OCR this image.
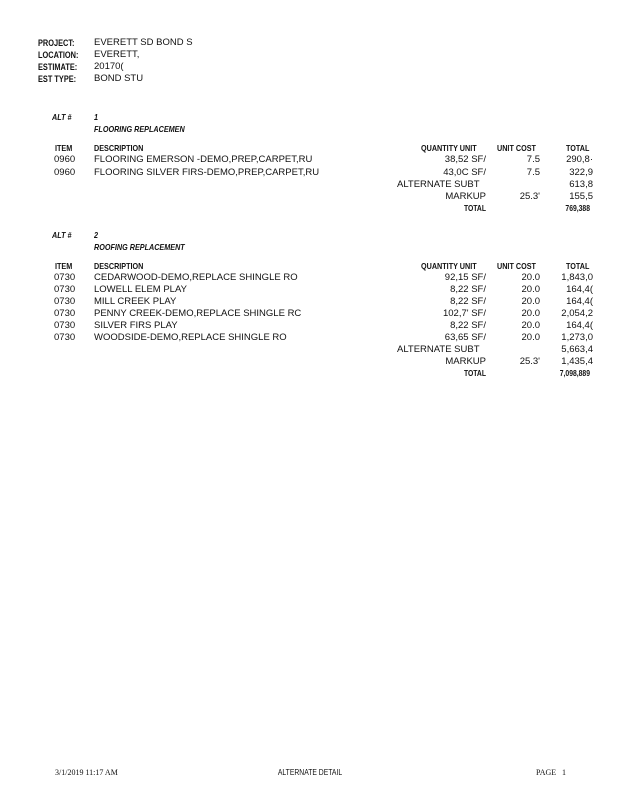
PROJECT:	EVERETT SD BOND S
LOCATION:	EVERETT,
ESTIMATE:	20170(
EST TYPE:	BOND STU
ALT #	1
FLOORING REPLACEMEN
ITEM	DESCRIPTION	QUANTITY UNIT	UNIT COST	TOTAL
0960	FLOORING EMERSON -DEMO,PREP,CARPET,RU	38,52 SF/	7.5	290,8·
0960	FLOORING SILVER FIRS-DEMO,PREP,CARPET,RU	43,0C SF/	7.5	322,9
ALTERNATE SUBT	613,8
MARKUP	25.3'	155,5
TOTAL	769,388
ALT #	2
ROOFING REPLACEMENT
ITEM	DESCRIPTION	QUANTITY UNIT	UNIT COST	TOTAL
0730	CEDARWOOD-DEMO,REPLACE SHINGLE RO	92,15 SF/	20.0	1,843,0
0730	LOWELL ELEM PLAY	8,22 SF/	20.0	164,4(
0730	MILL CREEK PLAY	8,22 SF/	20.0	164,4(
0730	PENNY CREEK-DEMO,REPLACE SHINGLE RC	102,7' SF/	20.0	2,054,2
0730	SILVER FIRS PLAY	8,22 SF/	20.0	164,4(
0730	WOODSIDE-DEMO,REPLACE SHINGLE RO	63,65 SF/	20.0	1,273,0
ALTERNATE SUBT	5,663,4
MARKUP	25.3'	1,435,4
TOTAL	7,098,889
3/1/2019 11:17 AM	ALTERNATE DETAIL	PAGE 1
